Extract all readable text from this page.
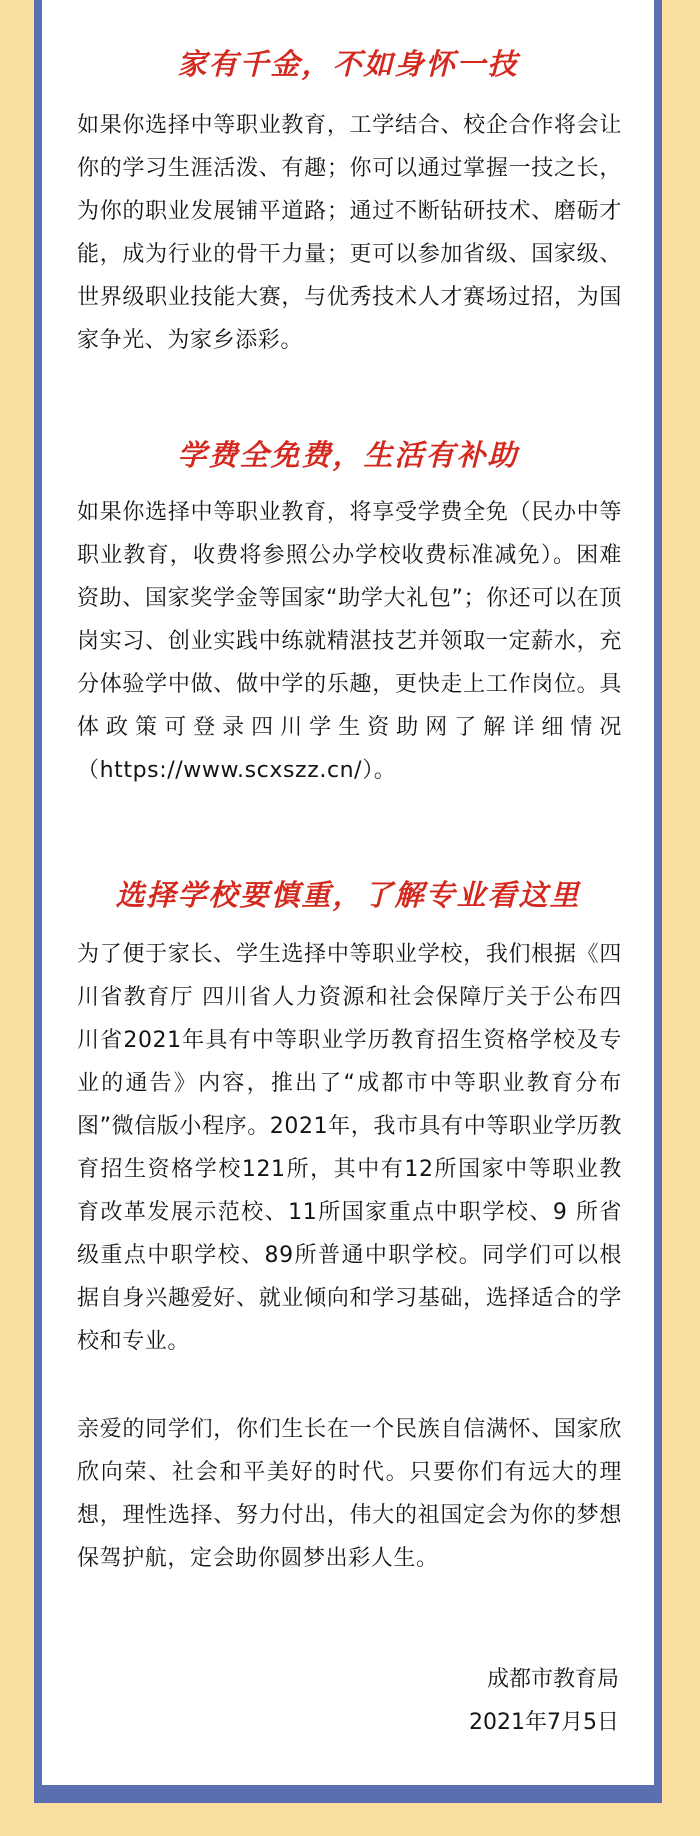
家有千金，不如身怀一技

如果你选择中等职业教育，工学结合、校企合作将会让你的学习生涯活泼、有趣；你可以通过掌握一技之长，为你的职业发展铺平道路；通过不断钻研技术、磨砺才能，成为行业的骨干力量；更可以参加省级、国家级、世界级职业技能大赛，与优秀技术人才赛场过招，为国家争光、为家乡添彩。

学费全免费，生活有补助

如果你选择中等职业教育，将享受学费全免（民办中等职业教育，收费将参照公办学校收费标准减免）。困难资助、国家奖学金等国家“助学大礼包”；你还可以在顶岗实习、创业实践中练就精湛技艺并领取一定薪水，充分体验学中做、做中学的乐趣，更快走上工作岗位。具体政策可登录四川学生资助网了解详细情况（https://www.scxszz.cn/）。

选择学校要慎重，了解专业看这里

为了便于家长、学生选择中等职业学校，我们根据《四川省教育厅 四川省人力资源和社会保障厅关于公布四川省2021年具有中等职业学历教育招生资格学校及专业的通告》内容，推出了“成都市中等职业教育分布图”微信版小程序。2021年，我市具有中等职业学历教育招生资格学校121所，其中有12所国家中等职业教育改革发展示范校、11所国家重点中职学校、9 所省级重点中职学校、89所普通中职学校。同学们可以根据自身兴趣爱好、就业倾向和学习基础，选择适合的学校和专业。

亲爱的同学们，你们生长在一个民族自信满怀、国家欣欣向荣、社会和平美好的时代。只要你们有远大的理想，理性选择、努力付出，伟大的祖国定会为你的梦想保驾护航，定会助你圆梦出彩人生。

成都市教育局
2021年7月5日
